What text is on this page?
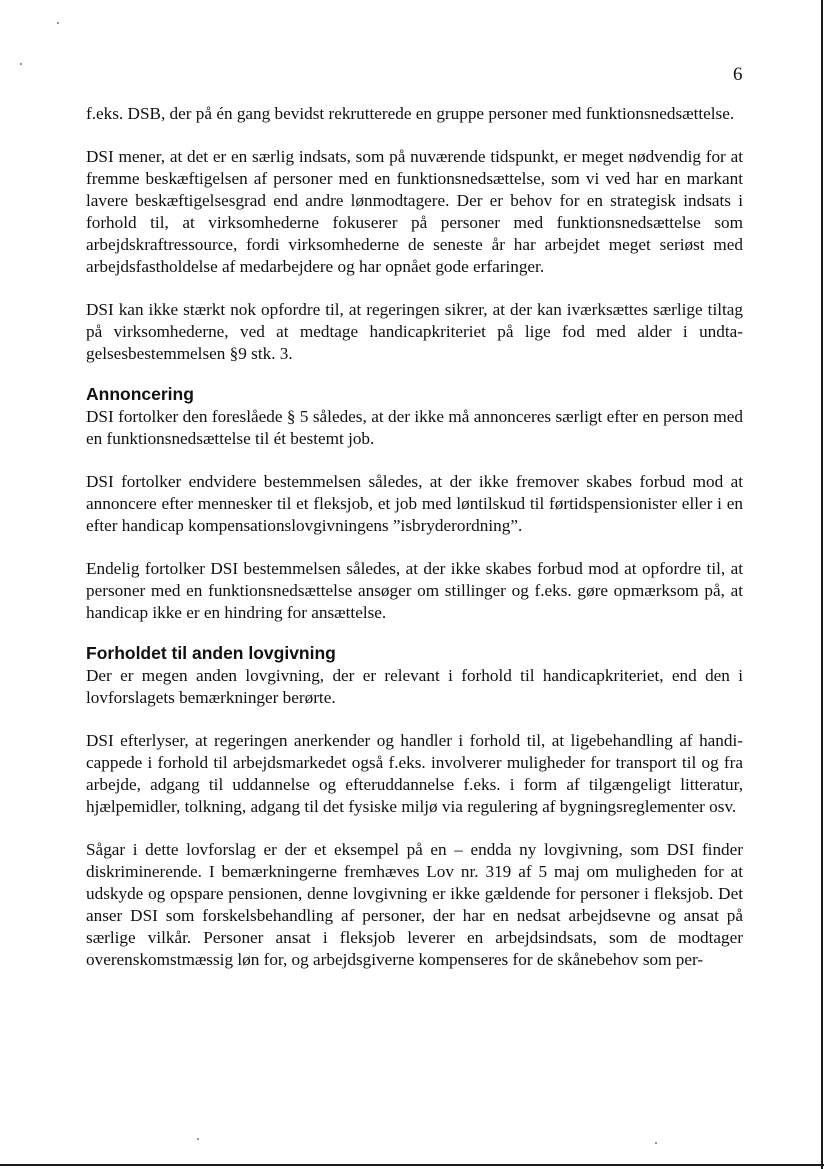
6

f.eks. DSB, der på én gang bevidst rekrutterede en gruppe personer med funktionsnedsættelse.

DSI mener, at det er en særlig indsats, som på nuværende tidspunkt, er meget nødvendig for at fremme beskæftigelsen af personer med en funktionsnedsættelse, som vi ved har en markant lavere beskæftigelsesgrad end andre lønmodtagere. Der er behov for en strategisk indsats i forhold til, at virksomhederne fokuserer på personer med funktionsnedsættelse som arbejdskraftressource, fordi virksomhederne de seneste år har arbejdet meget seriøst med arbejdsfastholdelse af medarbejdere og har opnået gode erfaringer.

DSI kan ikke stærkt nok opfordre til, at regeringen sikrer, at der kan iværksættes særlige tiltag på virksomhederne, ved at medtage handicapkriteriet på lige fod med alder i undtagelsesbestemmelsen §9 stk. 3.

Annoncering

DSI fortolker den foreslåede § 5 således, at der ikke må annonceres særligt efter en person med en funktionsnedsættelse til ét bestemt job.

DSI fortolker endvidere bestemmelsen således, at der ikke fremover skabes forbud mod at annoncere efter mennesker til et fleksjob, et job med løntilskud til førtidspensionister eller i en efter handicap kompensationslovgivningens ”isbryderordning”.

Endelig fortolker DSI bestemmelsen således, at der ikke skabes forbud mod at opfordre til, at personer med en funktionsnedsættelse ansøger om stillinger og f.eks. gøre opmærksom på, at handicap ikke er en hindring for ansættelse.

Forholdet til anden lovgivning

Der er megen anden lovgivning, der er relevant i forhold til handicapkriteriet, end den i lovforslagets bemærkninger berørte.

DSI efterlyser, at regeringen anerkender og handler i forhold til, at ligebehandling af handicappede i forhold til arbejdsmarkedet også f.eks. involverer muligheder for transport til og fra arbejde, adgang til uddannelse og efteruddannelse f.eks. i form af tilgængeligt litteratur, hjælpemidler, tolkning, adgang til det fysiske miljø via regulering af bygningsreglementer osv.

Sågar i dette lovforslag er der et eksempel på en – endda ny lovgivning, som DSI finder diskriminerende. I bemærkningerne fremhæves Lov nr. 319 af 5 maj om muligheden for at udskyde og opspare pensionen, denne lovgivning er ikke gældende for personer i fleksjob. Det anser DSI som forskelsbehandling af personer, der har en nedsat arbejdsevne og ansat på særlige vilkår. Personer ansat i fleksjob leverer en arbejdsindsats, som de modtager overenskomstmæssig løn for, og arbejdsgiverne kompenseres for de skånebehov som per-
